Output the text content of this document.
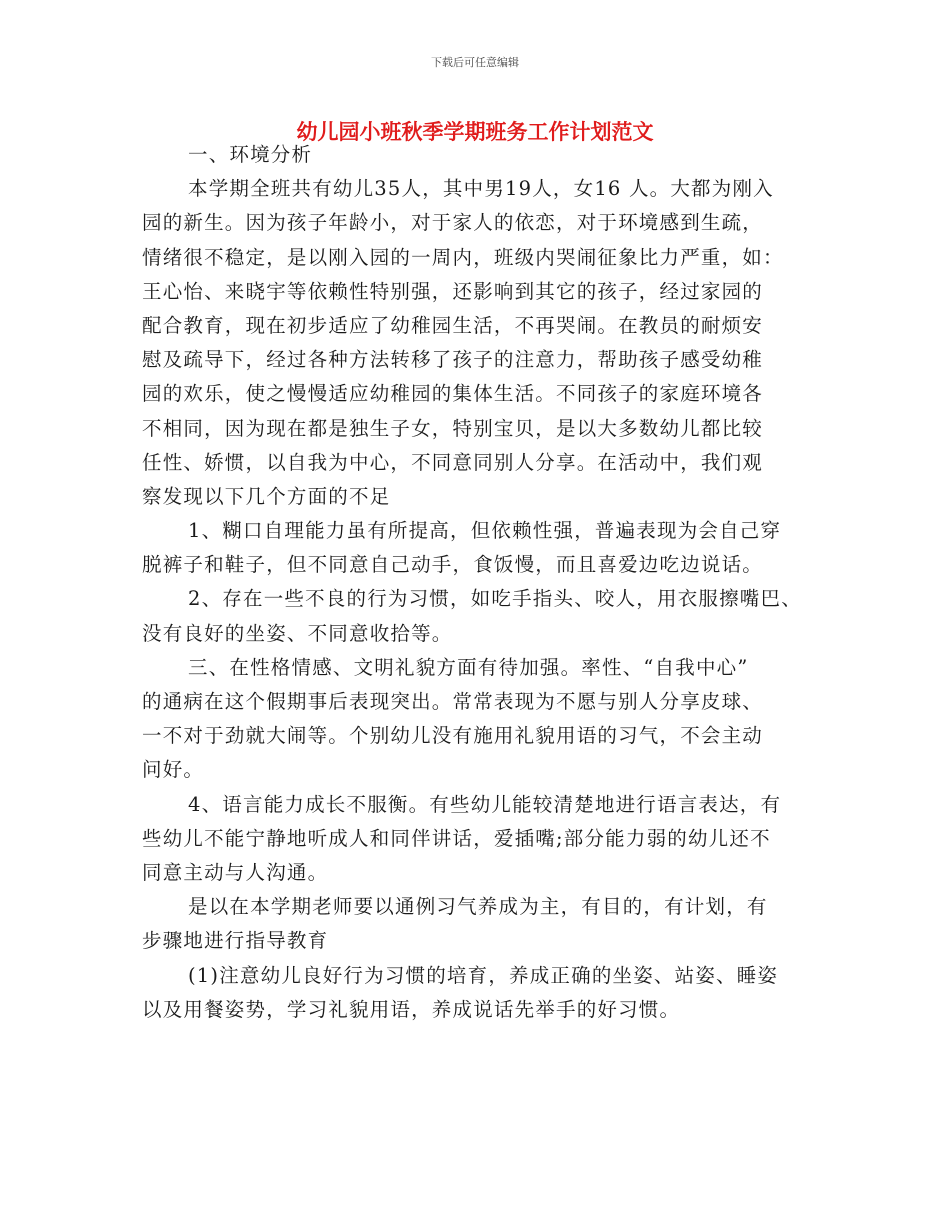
下载后可任意编辑
幼儿园小班秋季学期班务工作计划范文
一、环境分析
本学期全班共有幼儿35人，其中男19人，女16 人。大都为刚入
园的新生。因为孩子年龄小，对于家人的依恋，对于环境感到生疏，
情绪很不稳定，是以刚入园的一周内，班级内哭闹征象比力严重，如：
王心怡、来晓宇等依赖性特别强，还影响到其它的孩子，经过家园的
配合教育，现在初步适应了幼稚园生活，不再哭闹。在教员的耐烦安
慰及疏导下，经过各种方法转移了孩子的注意力，帮助孩子感受幼稚
园的欢乐，使之慢慢适应幼稚园的集体生活。不同孩子的家庭环境各
不相同，因为现在都是独生子女，特别宝贝，是以大多数幼儿都比较
任性、娇惯，以自我为中心，不同意同别人分享。在活动中，我们观
察发现以下几个方面的不足
1、糊口自理能力虽有所提高，但依赖性强，普遍表现为会自己穿
脱裤子和鞋子，但不同意自己动手，食饭慢，而且喜爱边吃边说话。
2、存在一些不良的行为习惯，如吃手指头、咬人，用衣服擦嘴巴、
没有良好的坐姿、不同意收拾等。
三、在性格情感、文明礼貌方面有待加强。率性、“自我中心”
的通病在这个假期事后表现突出。常常表现为不愿与别人分享皮球、
一不对于劲就大闹等。个别幼儿没有施用礼貌用语的习气，不会主动
问好。
4、语言能力成长不服衡。有些幼儿能较清楚地进行语言表达，有
些幼儿不能宁静地听成人和同伴讲话，爱插嘴;部分能力弱的幼儿还不
同意主动与人沟通。
是以在本学期老师要以通例习气养成为主，有目的，有计划，有
步骤地进行指导教育
(1)注意幼儿良好行为习惯的培育，养成正确的坐姿、站姿、睡姿
以及用餐姿势，学习礼貌用语，养成说话先举手的好习惯。
